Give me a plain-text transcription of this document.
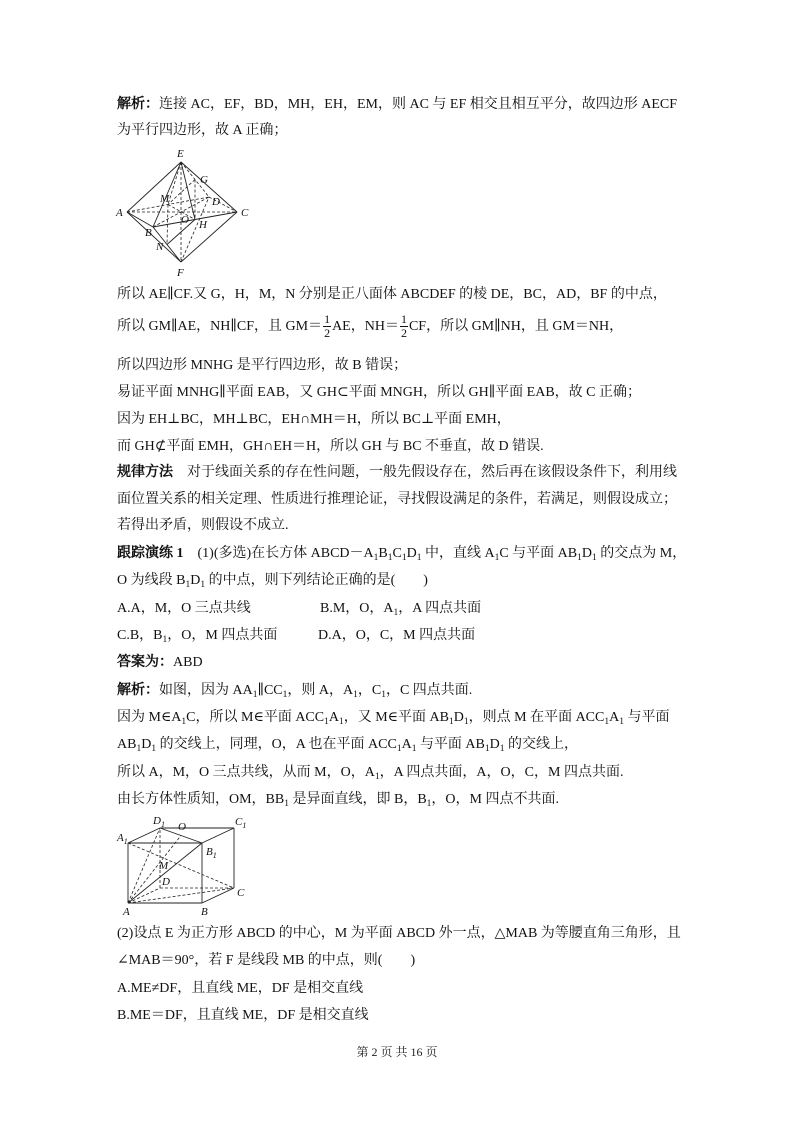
解析：连接 AC，EF，BD，MH，EH，EM，则 AC 与 EF 相交且相互平分，故四边形 AECF
为平行四边形，故 A 正确；
E
G
M	D
A	C
O
B
H
N
F
所以 AE∥CF.又 G，H，M，N 分别是正八面体 ABCDEF 的棱 DE，BC，AD，BF 的中点，
所以 GM∥AE，NH∥CF，且 $GM= \frac{1}{2}$ AE，$NH= \frac{1}{2}$ CF，所以 GM∥NH，且 GM＝NH，
所以四边形 MNHG 是平行四边形，故 B 错误；
易证平面 MNHG∥平面 EAB，又 GH⊂平面 MNGH，所以 GH∥平面 EAB，故 C 正确；
因为 EH⊥BC，MH⊥BC，EH∩MH＝H，所以 BC⊥平面 EMH，
而 GH⊄平面 EMH，GH∩EH＝H，所以 GH 与 BC 不垂直，故 D 错误.
规律方法　对于线面关系的存在性问题，一般先假设存在，然后再在该假设条件下，利用线
面位置关系的相关定理、性质进行推理论证，寻找假设满足的条件，若满足，则假设成立；
若得出矛盾，则假设不成立.
跟踪演练 1　(1)(多选)在长方体 $ABCD-A_1B_1C_1D_1$ 中，直线 $A_1C$ 与平面 $AB_1D_1$ 的交点为 M，
O 为线段 $B_1D_1$ 的中点，则下列结论正确的是(　　)
A.A，M，O 三点共线	B.M，O，$A_1$，A 四点共面
C.B，$B_1$，O，M 四点共面	D.A，O，C，M 四点共面
答案为：ABD
解析：如图，因为 $AA_1\parallel CC_1$，则 A，$A_1$，$C_1$，C 四点共面.
因为 $M\in A_1C$，所以 M∈平面 $ACC_1A_1$，又 M∈平面 $AB_1D_1$，则点 M 在平面 $ACC_1A_1$ 与平面
$AB_1D_1$ 的交线上，同理，O，A 也在平面 $ACC_1A_1$ 与平面 $AB_1D_1$ 的交线上，
所以 A，M，O 三点共线，从而 M，O，$A_1$，A 四点共面，A，O，C，M 四点共面.
由长方体性质知，OM，$BB_1$ 是异面直线，即 B，$B_1$，O，M 四点不共面.
$A_1$
$D_1$ O	$C_1$
$B_1$
M
D
A	B
C
(2)设点 E 为正方形 ABCD 的中心，M 为平面 ABCD 外一点，△MAB 为等腰直角三角形，且
∠MAB＝90°，若 F 是线段 MB 的中点，则(　　)
A.ME≠DF，且直线 ME，DF 是相交直线
B.ME＝DF，且直线 ME，DF 是相交直线
第 2 页 共 16 页
